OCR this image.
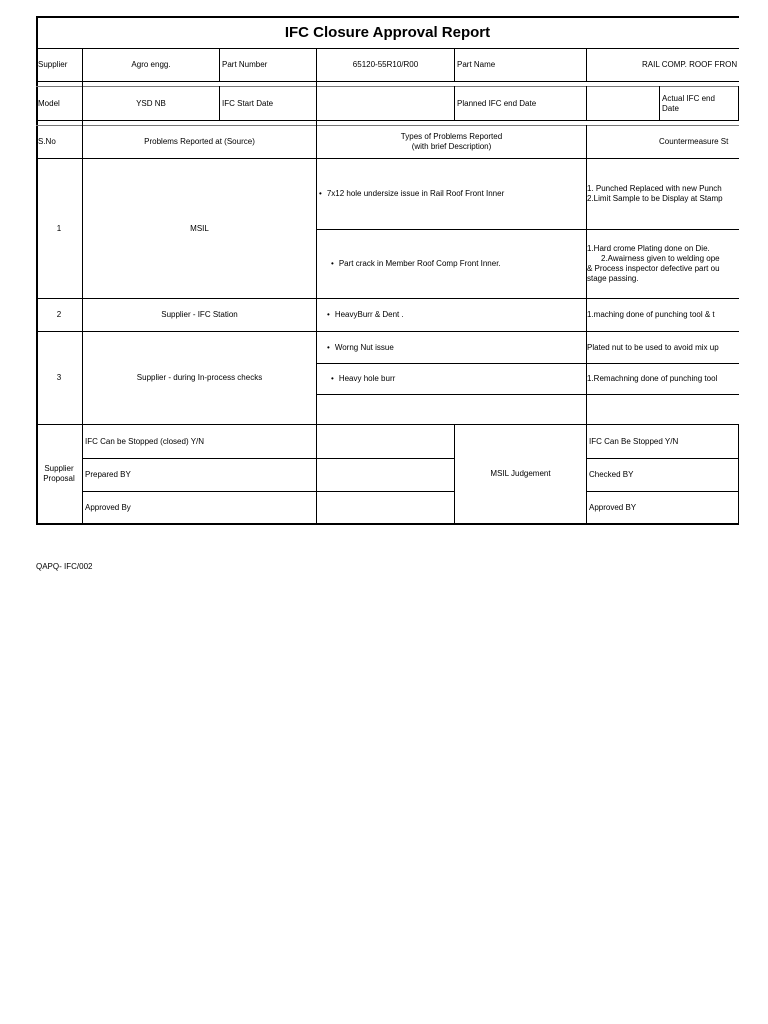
IFC Closure Approval Report
Supplier	Agro engg.	Part Number	65120-55R10/R00	Part Name	RAIL COMP. ROOF FRON
Model	YSD NB	IFC Start Date	Planned IFC end Date
Actual IFC end
Date
S.No	Problems Reported at (Source)
Types of Problems Reported
(with brief Description)
Countermeasure St
1	MSIL
• 7x12 hole undersize issue in Rail Roof Front Inner
1. Punched Replaced with new Punch
2.Limit Sample to be Display at Stamp
• Part crack in Member Roof Comp Front Inner.
1.Hard crome Plating done on Die.
2.Awairness given to welding ope
& Process inspector defective part ou
stage passing.
2	Supplier - IFC Station
•	HeavyBurr & Dent .	1.maching done of punching tool & t
3	Supplier - during In-process checks
• Worng Nut issue	Plated nut to be used to avoid mix up
• Heavy hole burr	1.Remachning done of punching tool
Supplier
Proposal
IFC Can be Stopped (closed) Y/N
Prepared BY
Approved By
MSIL Judgement
IFC Can Be Stopped Y/N
Checked BY
Approved BY
QAPQ- IFC/002
